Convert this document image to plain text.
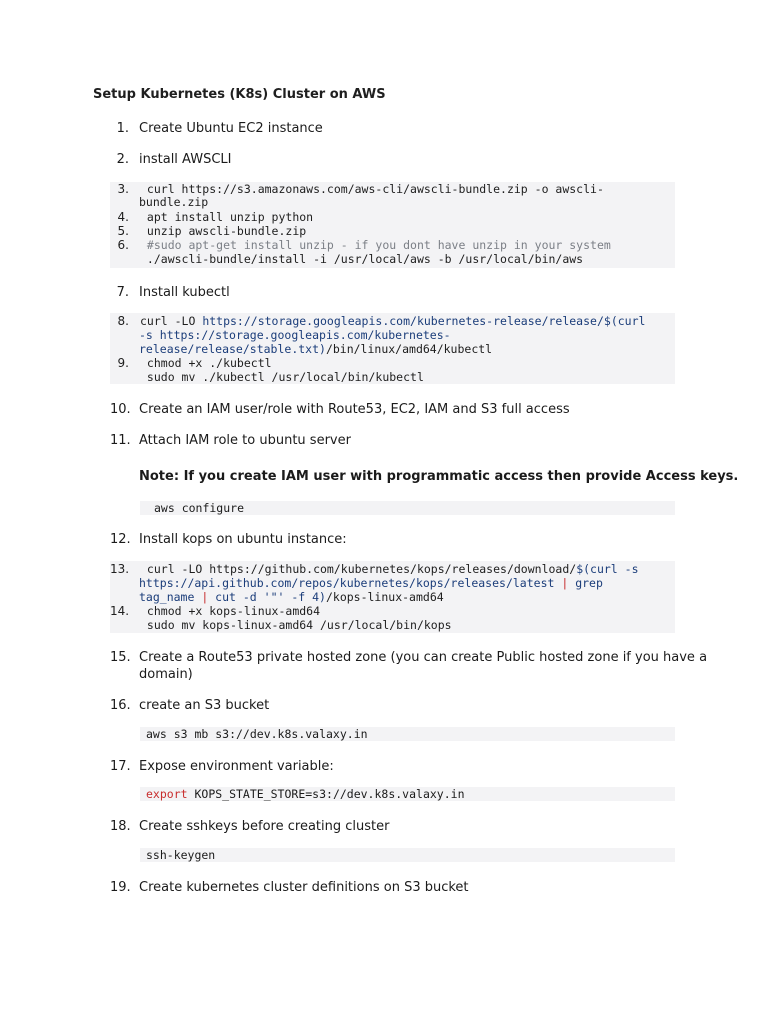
Setup Kubernetes (K8s) Cluster on AWS
1. Create Ubuntu EC2 instance
2. install AWSCLI
3. curl https://s3.amazonaws.com/aws-cli/awscli-bundle.zip -o awscli-
bundle.zip
4. apt install unzip python
5. unzip awscli-bundle.zip
6. #sudo apt-get install unzip - if you dont have unzip in your system
./awscli-bundle/install -i /usr/local/aws -b /usr/local/bin/aws
7. Install kubectl
8. curl -LO https://storage.googleapis.com/kubernetes-release/release/$(curl
-s https://storage.googleapis.com/kubernetes-
release/release/stable.txt)/bin/linux/amd64/kubectl
9. chmod +x ./kubectl
sudo mv ./kubectl /usr/local/bin/kubectl
10. Create an IAM user/role with Route53, EC2, IAM and S3 full access
11. Attach IAM role to ubuntu server
Note: If you create IAM user with programmatic access then provide Access keys.
aws configure
12. Install kops on ubuntu instance:
13. curl -LO https://github.com/kubernetes/kops/releases/download/$(curl -s
https://api.github.com/repos/kubernetes/kops/releases/latest | grep
tag_name | cut -d '"' -f 4)/kops-linux-amd64
14. chmod +x kops-linux-amd64
sudo mv kops-linux-amd64 /usr/local/bin/kops
15. Create a Route53 private hosted zone (you can create Public hosted zone if you have a domain)
16. create an S3 bucket
aws s3 mb s3://dev.k8s.valaxy.in
17. Expose environment variable:
export KOPS_STATE_STORE=s3://dev.k8s.valaxy.in
18. Create sshkeys before creating cluster
ssh-keygen
19. Create kubernetes cluster definitions on S3 bucket
